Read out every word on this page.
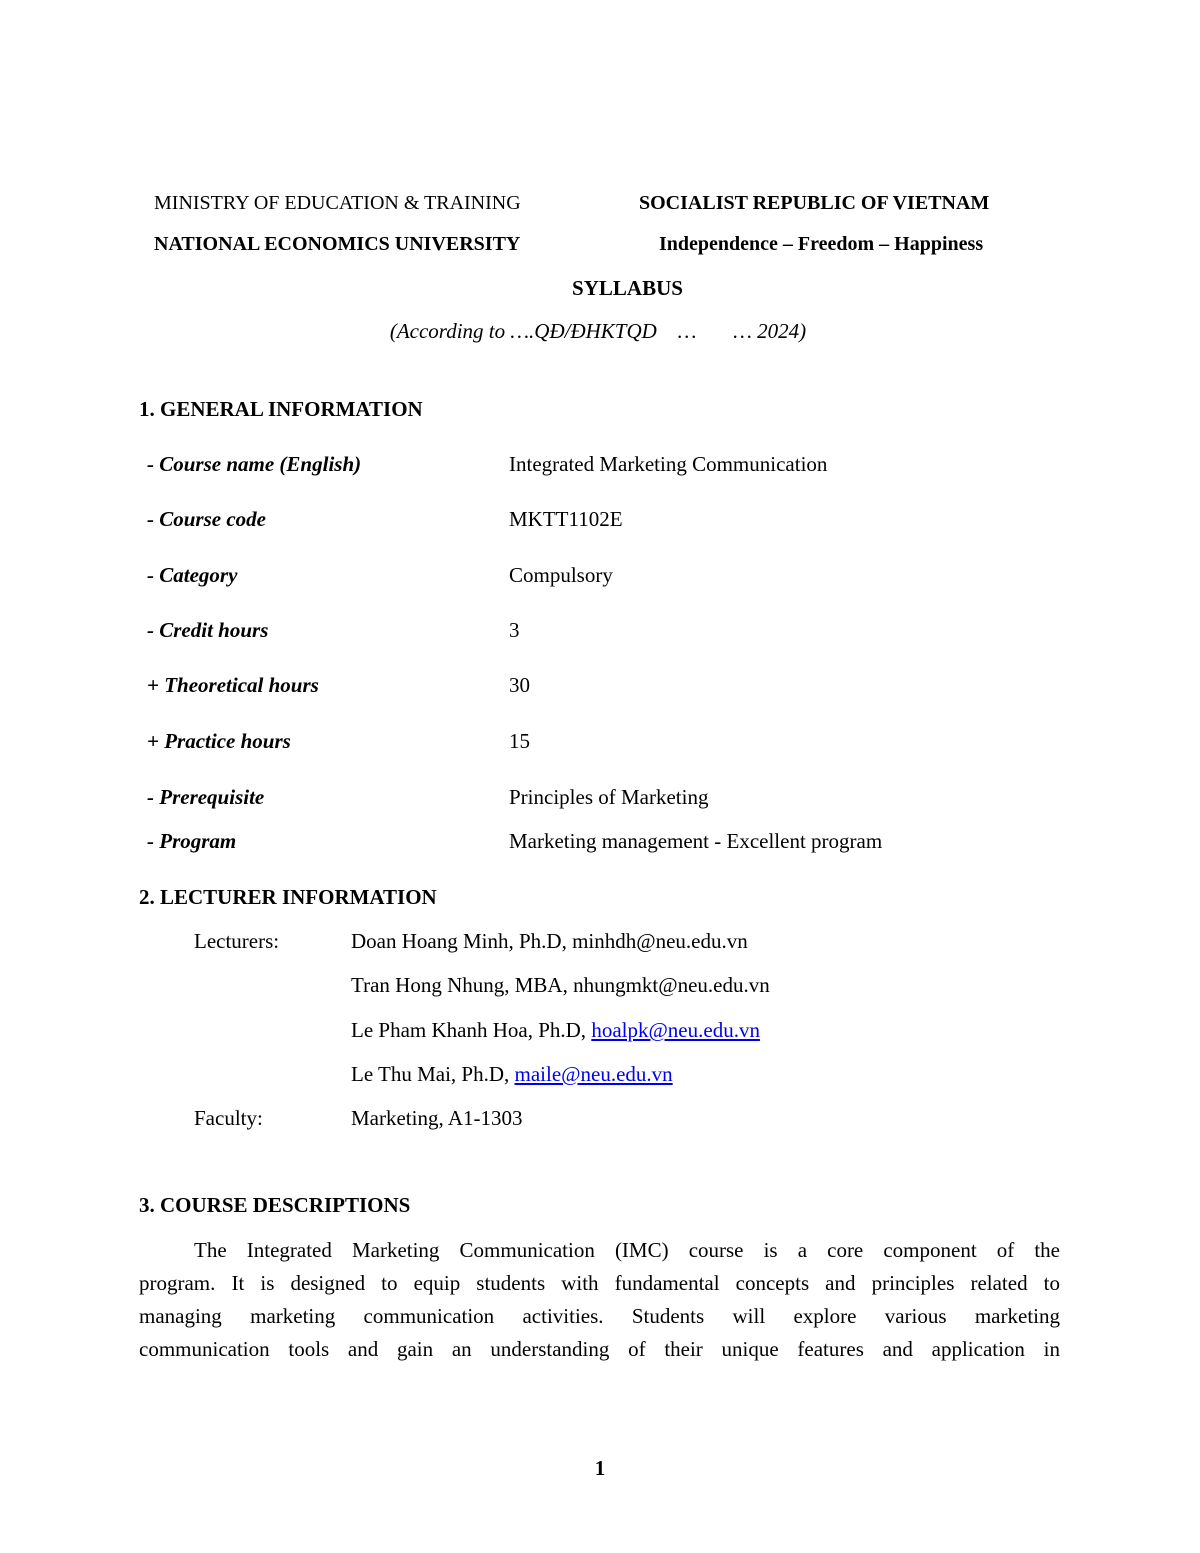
MINISTRY OF EDUCATION & TRAINING	SOCIALIST REPUBLIC OF VIETNAM
NATIONAL ECONOMICS UNIVERSITY	Independence – Freedom – Happiness
SYLLABUS
(According to ….QĐ/ĐHKTQD    …       … 2024)
1. GENERAL INFORMATION
- Course name (English)	Integrated Marketing Communication
- Course code	MKTT1102E
- Category	Compulsory
- Credit hours	3
+ Theoretical hours	30
+ Practice hours	15
- Prerequisite	Principles of Marketing
- Program	Marketing management - Excellent program
2. LECTURER INFORMATION
Lecturers:	Doan Hoang Minh, Ph.D, minhdh@neu.edu.vn
Tran Hong Nhung, MBA, nhungmkt@neu.edu.vn
Le Pham Khanh Hoa, Ph.D, hoalpk@neu.edu.vn
Le Thu Mai, Ph.D, maile@neu.edu.vn
Faculty:	Marketing, A1-1303
3. COURSE DESCRIPTIONS
The Integrated Marketing Communication (IMC) course is a core component of the
program. It is designed to equip students with fundamental concepts and principles related to
managing marketing communication activities. Students will explore various marketing
communication tools and gain an understanding of their unique features and application in
1
